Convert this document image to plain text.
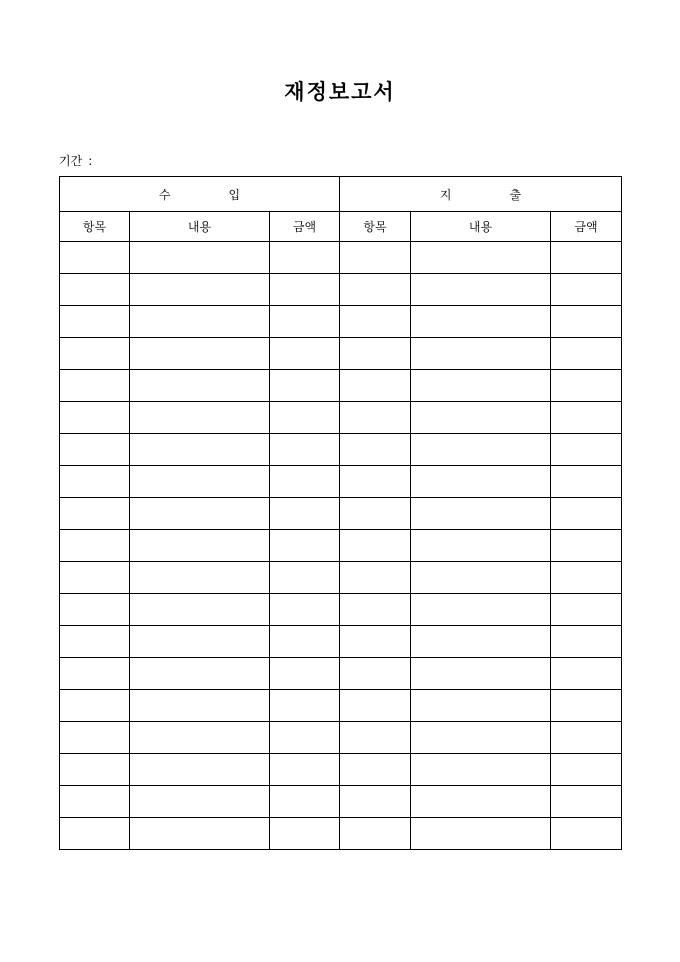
재정보고서
기간 :
수 입			지 출		
항목	내용	금액	항목	내용	금액
